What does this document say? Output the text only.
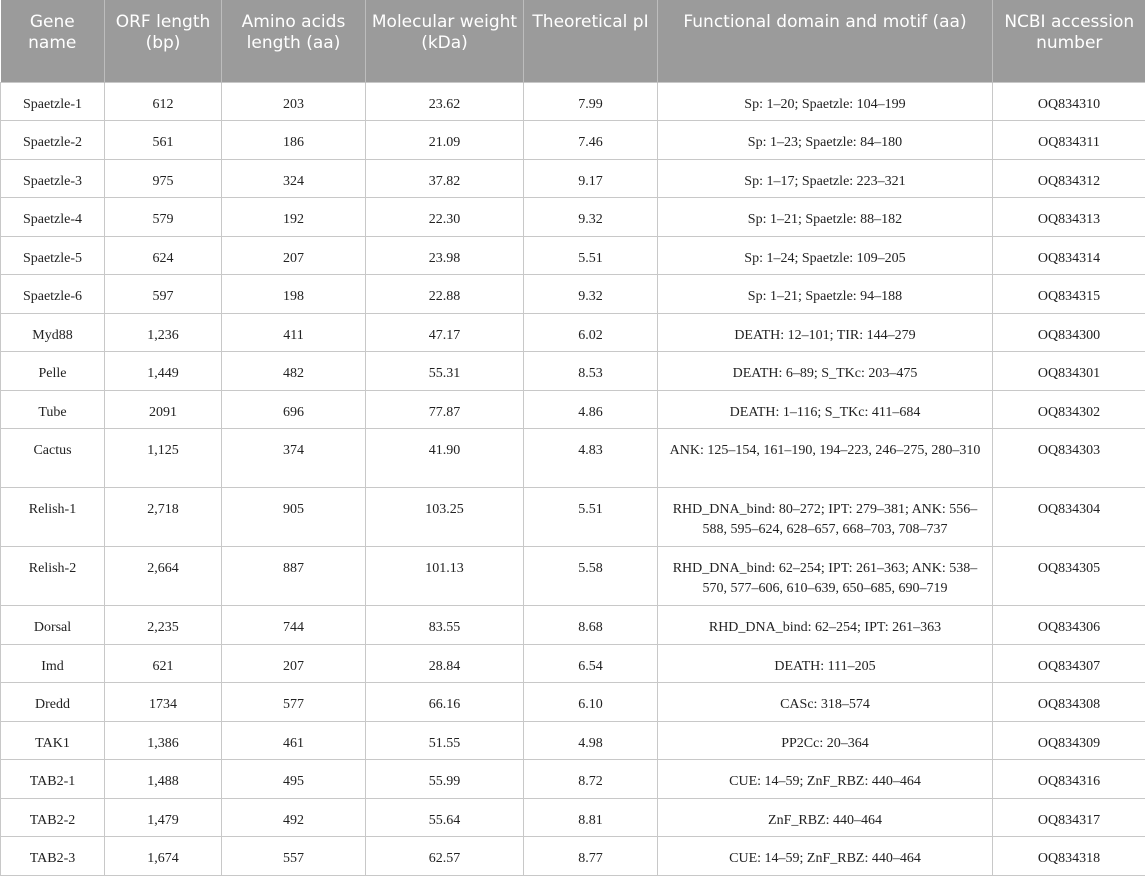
Gene name	ORF length (bp)	Amino acids length (aa)	Molecular weight (kDa)	Theoretical pI	Functional domain and motif (aa)	NCBI accession number
Spaetzle-1	612	203	23.62	7.99	Sp: 1–20; Spaetzle: 104–199	OQ834310
Spaetzle-2	561	186	21.09	7.46	Sp: 1–23; Spaetzle: 84–180	OQ834311
Spaetzle-3	975	324	37.82	9.17	Sp: 1–17; Spaetzle: 223–321	OQ834312
Spaetzle-4	579	192	22.30	9.32	Sp: 1–21; Spaetzle: 88–182	OQ834313
Spaetzle-5	624	207	23.98	5.51	Sp: 1–24; Spaetzle: 109–205	OQ834314
Spaetzle-6	597	198	22.88	9.32	Sp: 1–21; Spaetzle: 94–188	OQ834315
Myd88	1,236	411	47.17	6.02	DEATH: 12–101; TIR: 144–279	OQ834300
Pelle	1,449	482	55.31	8.53	DEATH: 6–89; S_TKc: 203–475	OQ834301
Tube	2091	696	77.87	4.86	DEATH: 1–116; S_TKc: 411–684	OQ834302
Cactus	1,125	374	41.90	4.83	ANK: 125–154, 161–190, 194–223, 246–275, 280–310	OQ834303
Relish-1	2,718	905	103.25	5.51	RHD_DNA_bind: 80–272; IPT: 279–381; ANK: 556–588, 595–624, 628–657, 668–703, 708–737	OQ834304
Relish-2	2,664	887	101.13	5.58	RHD_DNA_bind: 62–254; IPT: 261–363; ANK: 538–570, 577–606, 610–639, 650–685, 690–719	OQ834305
Dorsal	2,235	744	83.55	8.68	RHD_DNA_bind: 62–254; IPT: 261–363	OQ834306
Imd	621	207	28.84	6.54	DEATH: 111–205	OQ834307
Dredd	1734	577	66.16	6.10	CASc: 318–574	OQ834308
TAK1	1,386	461	51.55	4.98	PP2Cc: 20–364	OQ834309
TAB2-1	1,488	495	55.99	8.72	CUE: 14–59; ZnF_RBZ: 440–464	OQ834316
TAB2-2	1,479	492	55.64	8.81	ZnF_RBZ: 440–464	OQ834317
TAB2-3	1,674	557	62.57	8.77	CUE: 14–59; ZnF_RBZ: 440–464	OQ834318
